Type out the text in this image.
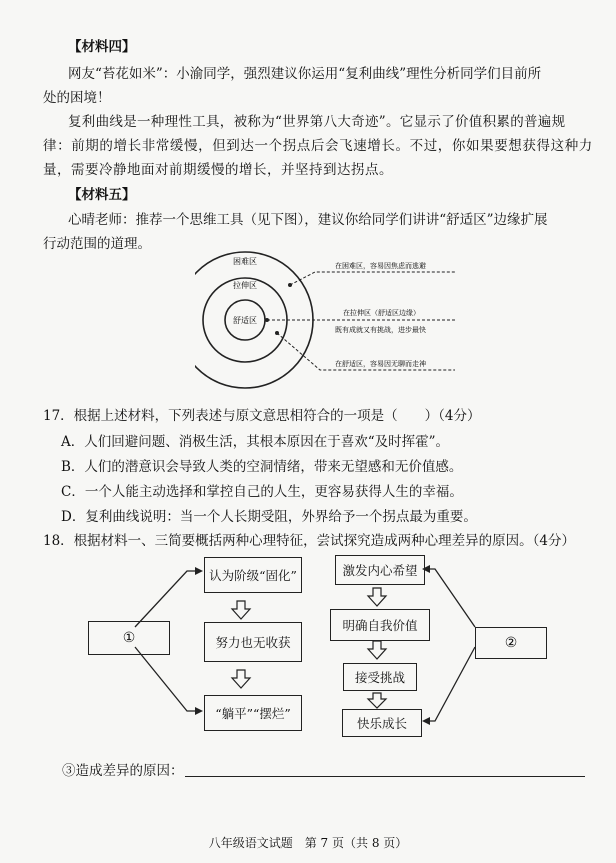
【材料四】
网友“苔花如米”：小渝同学，强烈建议你运用“复利曲线”理性分析同学们目前所
处的困境！
复利曲线是一种理性工具，被称为“世界第八大奇迹”。它显示了价值积累的普遍规
律：前期的增长非常缓慢，但到达一个拐点后会飞速增长。不过，你如果要想获得这种力
量，需要冷静地面对前期缓慢的增长，并坚持到达拐点。
【材料五】
心晴老师：推荐一个思维工具（见下图），建议你给同学们讲讲“舒适区”边缘扩展
行动范围的道理。
困难区
拉伸区
舒适区
在困难区，容易因焦虑而逃避
在拉伸区（舒适区边缘）
既有成就又有挑战，进步最快
在舒适区，容易因无聊而走神
17．根据上述材料，下列表述与原文意思相符合的一项是（　　）（4分）
A．人们回避问题、消极生活，其根本原因在于喜欢“及时挥霍”。
B．人们的潜意识会导致人类的空洞情绪，带来无望感和无价值感。
C．一个人能主动选择和掌控自己的人生，更容易获得人生的幸福。
D．复利曲线说明：当一个人长期受阻，外界给予一个拐点最为重要。
18．根据材料一、三简要概括两种心理特征，尝试探究造成两种心理差异的原因。（4分）
①	②
认为阶级“固化”
努力也无收获
“躺平”“摆烂”
激发内心希望
明确自我价值
接受挑战
快乐成长
③造成差异的原因：
八年级语文试题　第 7 页（共 8 页）
